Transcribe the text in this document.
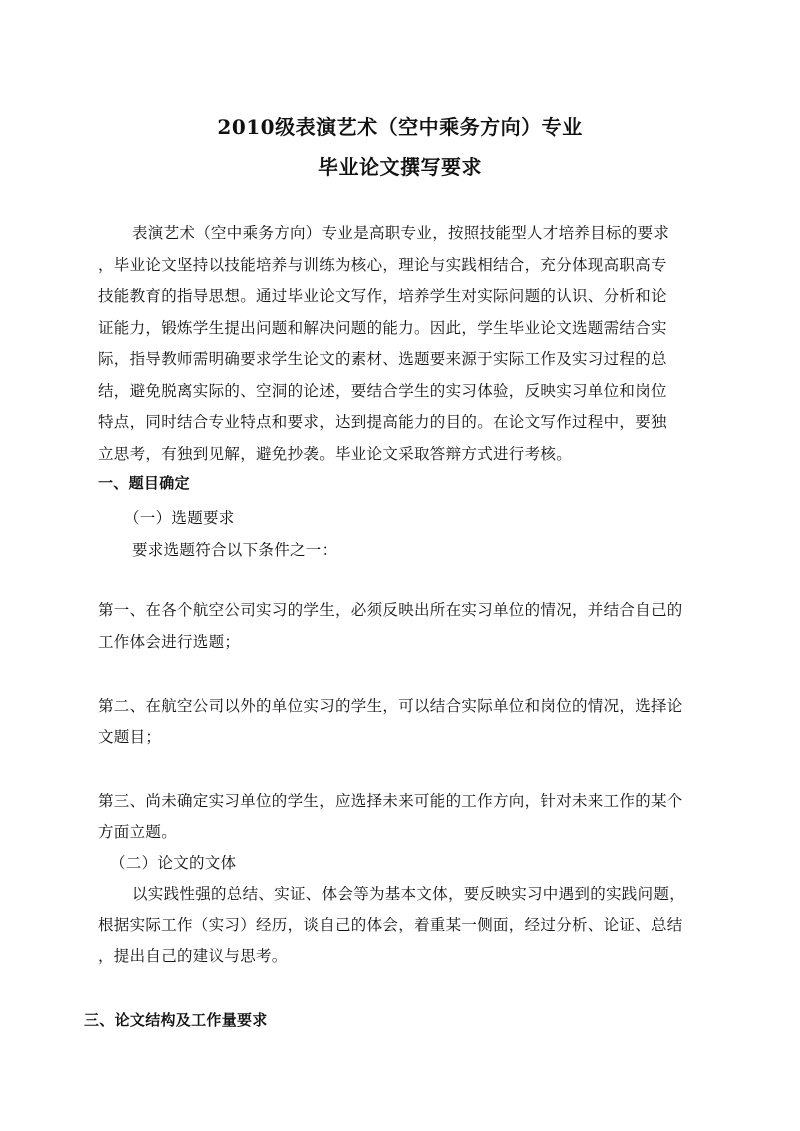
2010级表演艺术（空中乘务方向）专业
毕业论文撰写要求
表演艺术（空中乘务方向）专业是高职专业，按照技能型人才培养目标的要求
，毕业论文坚持以技能培养与训练为核心，理论与实践相结合，充分体现高职高专
技能教育的指导思想。通过毕业论文写作，培养学生对实际问题的认识、分析和论
证能力，锻炼学生提出问题和解决问题的能力。因此，学生毕业论文选题需结合实
际，指导教师需明确要求学生论文的素材、选题要来源于实际工作及实习过程的总
结，避免脱离实际的、空洞的论述，要结合学生的实习体验，反映实习单位和岗位
特点，同时结合专业特点和要求，达到提高能力的目的。在论文写作过程中，要独
立思考，有独到见解，避免抄袭。毕业论文采取答辩方式进行考核。
一、题目确定
（一）选题要求
要求选题符合以下条件之一：
第一、在各个航空公司实习的学生，必须反映出所在实习单位的情况，并结合自己的
工作体会进行选题；
第二、在航空公司以外的单位实习的学生，可以结合实际单位和岗位的情况，选择论
文题目；
第三、尚未确定实习单位的学生，应选择未来可能的工作方向，针对未来工作的某个
方面立题。
（二）论文的文体
以实践性强的总结、实证、体会等为基本文体，要反映实习中遇到的实践问题，
根据实际工作（实习）经历，谈自己的体会，着重某一侧面，经过分析、论证、总结
，提出自己的建议与思考。
三、论文结构及工作量要求
